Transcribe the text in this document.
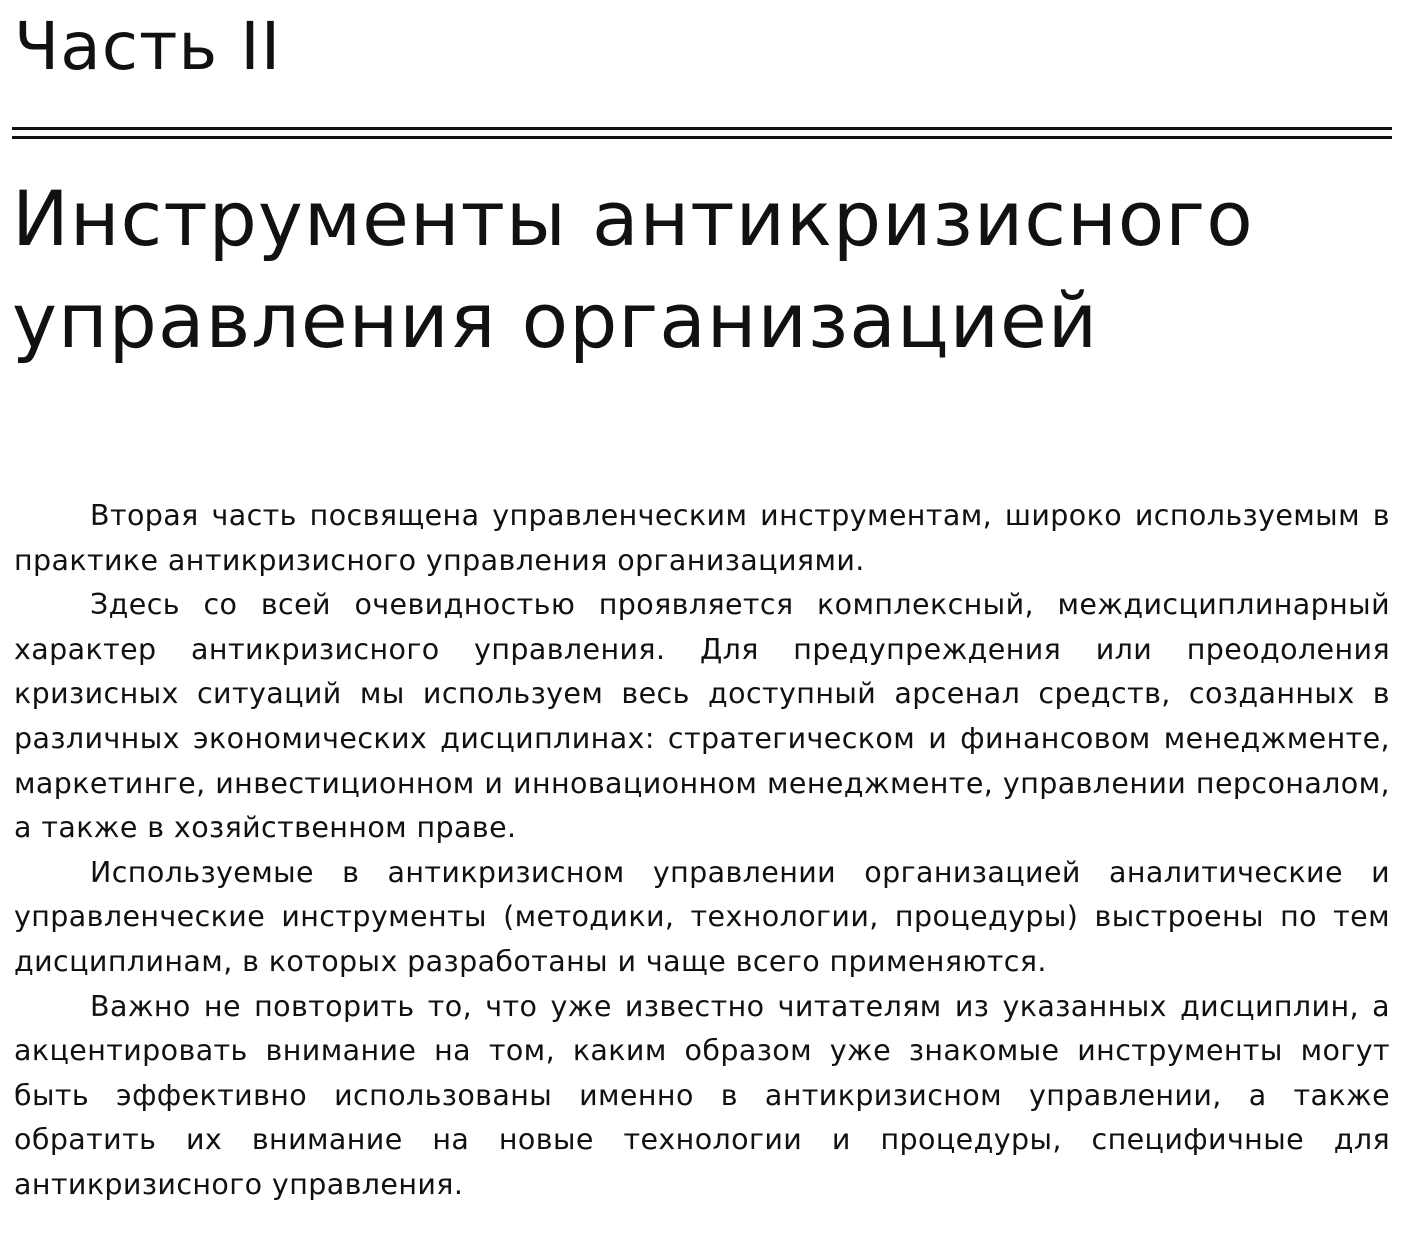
Часть II
Инструменты антикризисного
управления организацией

Вторая часть посвящена управленческим инструментам, широко используемым в практике антикризисного управления организациями.

Здесь со всей очевидностью проявляется комплексный, междисциплинарный характер антикризисного управления. Для предупреждения или преодоления кризисных ситуаций мы используем весь доступный арсенал средств, созданных в различных экономических дисциплинах: стратегическом и финансовом менеджменте, маркетинге, инвестиционном и инновационном менеджменте, управлении персоналом, а также в хозяйственном праве.

Используемые в антикризисном управлении организацией аналитические и управленческие инструменты (методики, технологии, процедуры) выстроены по тем дисциплинам, в которых разработаны и чаще всего применяются.

Важно не повторить то, что уже известно читателям из указанных дисциплин, а акцентировать внимание на том, каким образом уже знакомые инструменты могут быть эффективно использованы именно в антикризисном управлении, а также обратить их внимание на новые технологии и процедуры, специфичные для антикризисного управления.
